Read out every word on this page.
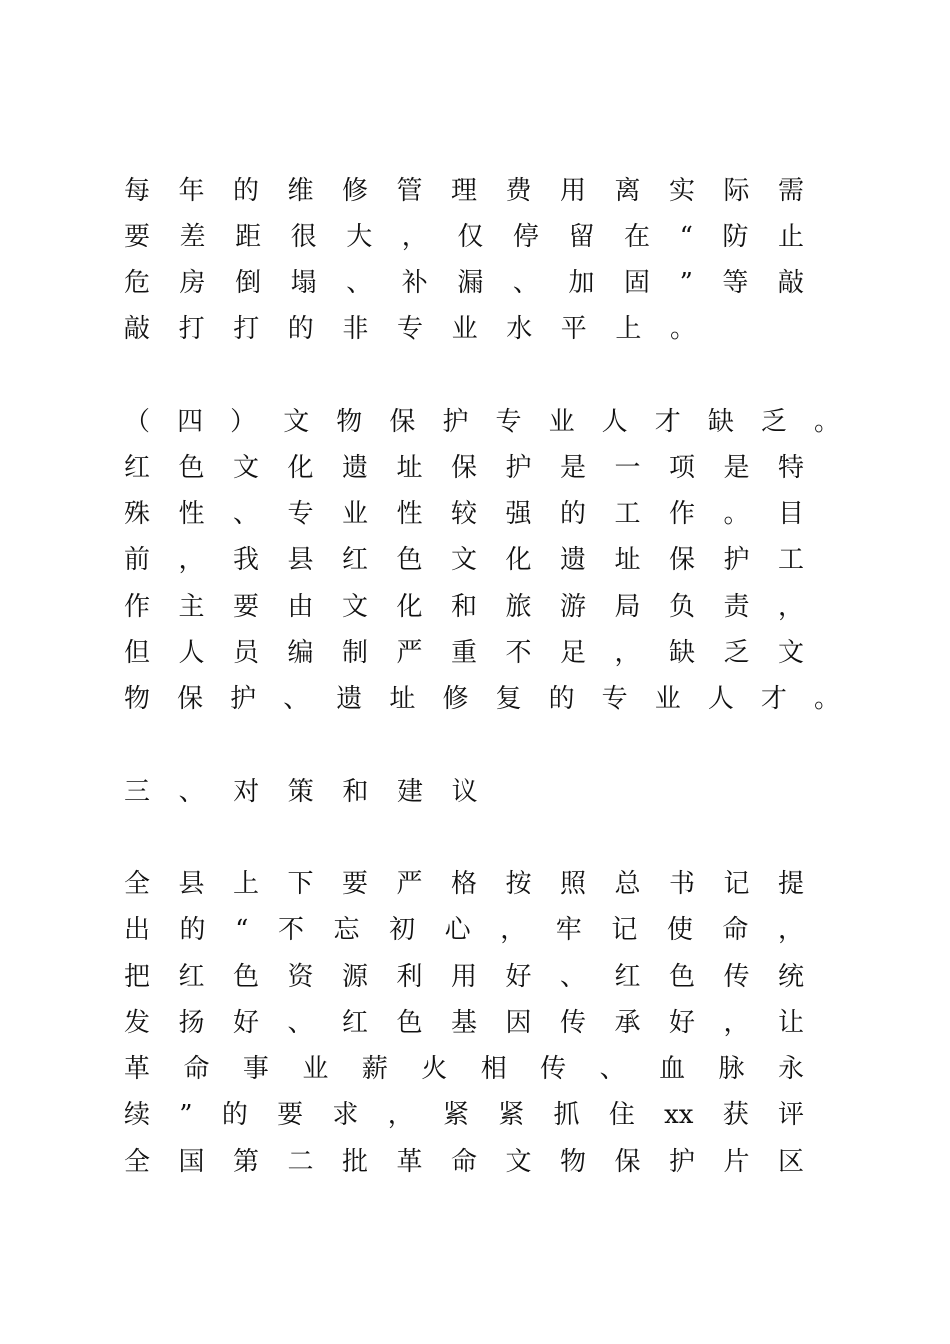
每年的维修管理费用离实际需
要差距很大，仅停留在“防止
危房倒塌、补漏、加固”等敲
敲打打的非专业水平上。
（四）文物保护专业人才缺乏。
红色文化遗址保护是一项是特
殊性、专业性较强的工作。目
前，我县红色文化遗址保护工
作主要由文化和旅游局负责，
但人员编制严重不足，缺乏文
物保护、遗址修复的专业人才。
三、对策和建议
全县上下要严格按照总书记提
出的“不忘初心，牢记使命，
把红色资源利用好、红色传统
发扬好、红色基因传承好，让
革命事业薪火相传、血脉永
续”的要求，紧紧抓住xx获评
全国第二批革命文物保护片区
